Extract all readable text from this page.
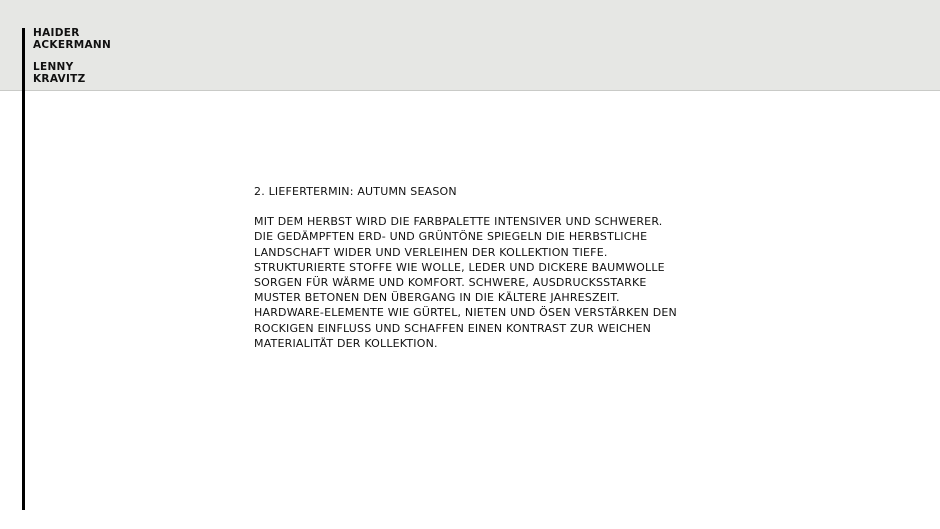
HAIDER
ACKERMANN
LENNY
KRAVITZ
2. LIEFERTERMIN: AUTUMN SEASON
MIT DEM HERBST WIRD DIE FARBPALETTE INTENSIVER UND SCHWERER.
DIE GEDÄMPFTEN ERD- UND GRÜNTÖNE SPIEGELN DIE HERBSTLICHE
LANDSCHAFT WIDER UND VERLEIHEN DER KOLLEKTION TIEFE.
STRUKTURIERTE STOFFE WIE WOLLE, LEDER UND DICKERE BAUMWOLLE
SORGEN FÜR WÄRME UND KOMFORT. SCHWERE, AUSDRUCKSSTARKE
MUSTER BETONEN DEN ÜBERGANG IN DIE KÄLTERE JAHRESZEIT.
HARDWARE-ELEMENTE WIE GÜRTEL, NIETEN UND ÖSEN VERSTÄRKEN DEN
ROCKIGEN EINFLUSS UND SCHAFFEN EINEN KONTRAST ZUR WEICHEN
MATERIALITÄT DER KOLLEKTION.
